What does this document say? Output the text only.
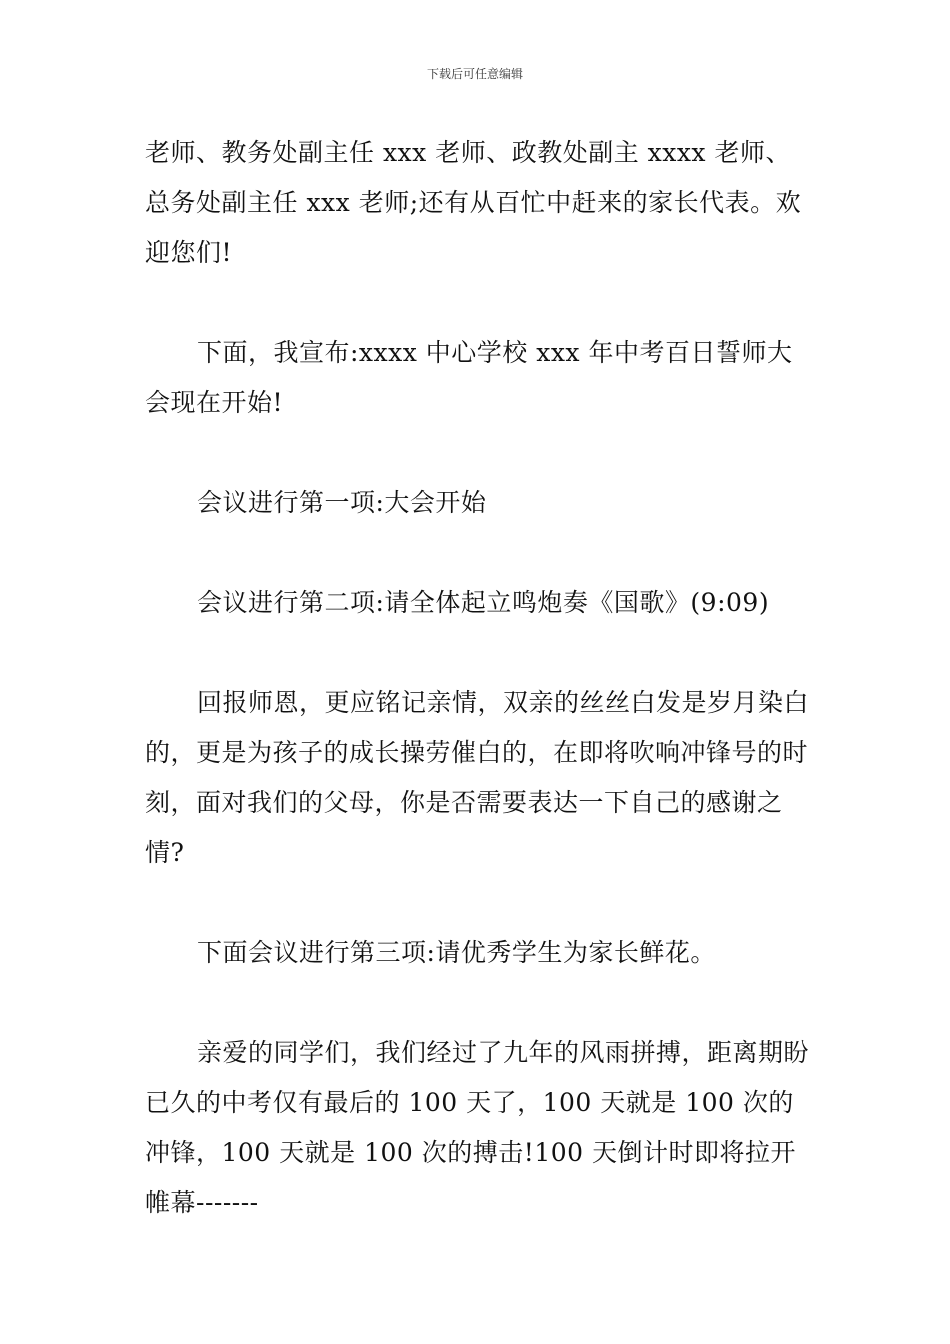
下载后可任意编辑

老师、教务处副主任 xxx 老师、政教处副主 xxxx 老师、总务处副主任 xxx 老师;还有从百忙中赶来的家长代表。欢迎您们!

下面，我宣布:xxxx 中心学校 xxx 年中考百日誓师大会现在开始!

会议进行第一项:大会开始

会议进行第二项:请全体起立鸣炮奏《国歌》(9:09)

回报师恩，更应铭记亲情，双亲的丝丝白发是岁月染白的，更是为孩子的成长操劳催白的，在即将吹响冲锋号的时刻，面对我们的父母，你是否需要表达一下自己的感谢之情?

下面会议进行第三项:请优秀学生为家长鲜花。

亲爱的同学们，我们经过了九年的风雨拼搏，距离期盼已久的中考仅有最后的 100 天了，100 天就是 100 次的冲锋，100 天就是 100 次的搏击!100 天倒计时即将拉开帷幕-------
